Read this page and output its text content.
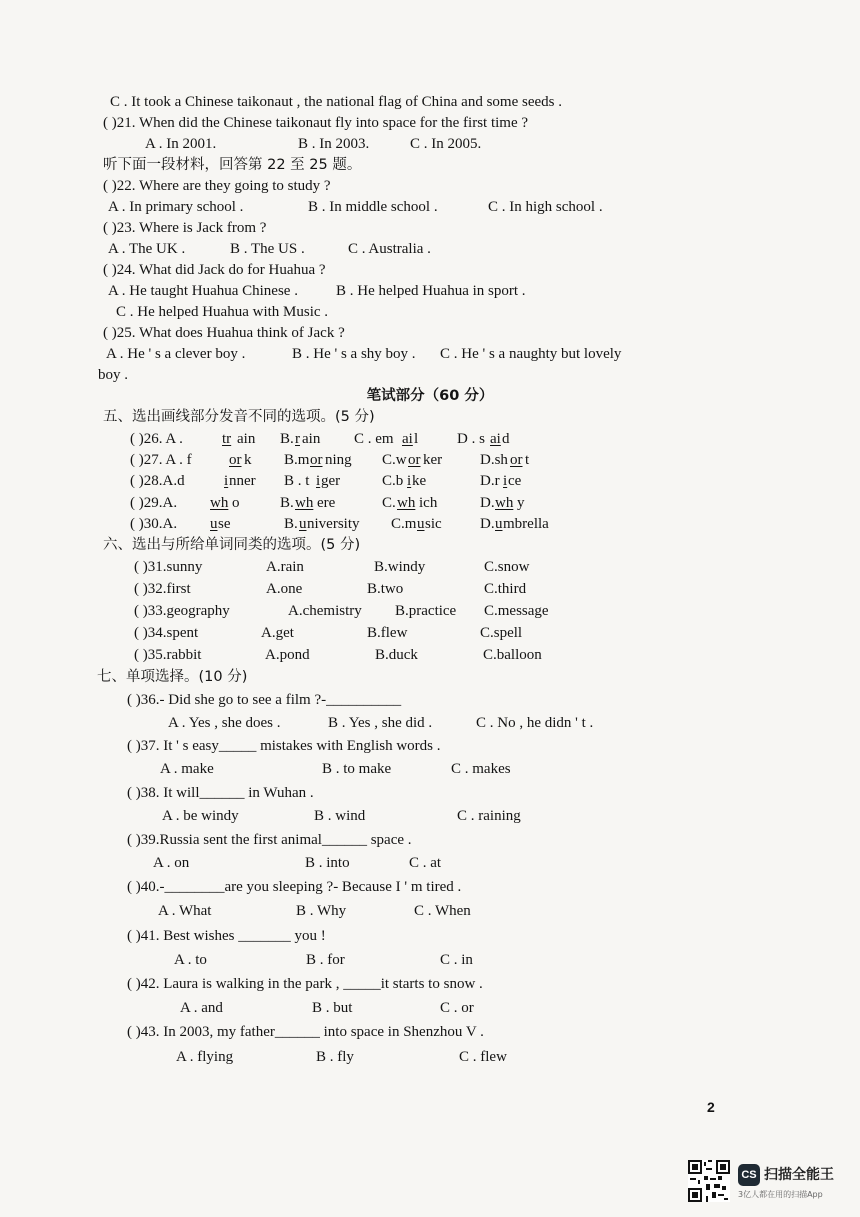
C . It took a Chinese taikonaut , the national flag of China and some seeds .
( )21. When did the Chinese taikonaut fly into space for the first time ?
A . In 2001.	B . In 2003.	C . In 2005.
听下面一段材料，回答第 22 至 25 题。
( )22. Where are they going to study ?
A . In primary school .	B . In middle school .	C . In high school .
( )23. Where is Jack from ?
A . The UK .	B . The US .	C . Australia .
( )24. What did Jack do for Huahua ?
A . He taught Huahua Chinese .	B . He helped Huahua in sport .
C . He helped Huahua with Music .
( )25. What does Huahua think of Jack ?
A . He ' s a clever boy .	B . He ' s a shy boy . C . He ' s a naughty but lovely
boy .
笔试部分（60 分）
五、选出画线部分发音不同的选项。(5 分)
( )26. A .	tr ain B. r ain C . em ai l	D . s ai d
( )27. A . f or k B.m or ning C.w or ker	D.sh or t
( )28.A.d	i nner B . t i ger	C.b i ke	D.r i ce
( )29.A. wh o	B. wh ere	C. wh ich	D. wh y
( )30.A. u se	B. u niversity C.m u sic	D. u mbrella
六、选出与所给单词同类的选项。(5 分)
( )31.sunny	A.rain	B.windy	C.snow
( )32.first	A.one	B.two	C.third
( )33.geography	A.chemistry B.practice C.message
( )34.spent	A.get	B.flew	C.spell
( )35.rabbit	A.pond	B.duck	C.balloon
七、单项选择。(10 分)
( )36.- Did she go to see a film ?-__________
A . Yes , she does .	B . Yes , she did .	C . No , he didn ' t .
( )37. It ' s easy_____ mistakes with English words .
A . make	B . to make	C . makes
( )38. It will______ in Wuhan .
A . be windy	B . wind	C . raining
( )39.Russia sent the first animal______ space .
A . on	B . into	C . at
( )40.-________are you sleeping ?- Because I ' m tired .
A . What	B . Why	C . When
( )41. Best wishes _______ you !
A . to	B . for	C . in
( )42. Laura is walking in the park , _____it starts to snow .
A . and	B . but	C . or
( )43. In 2003, my father______ into space in Shenzhou V .
A . flying	B . fly	C . flew
2
CS 扫描全能王
3亿人都在用的扫描App
